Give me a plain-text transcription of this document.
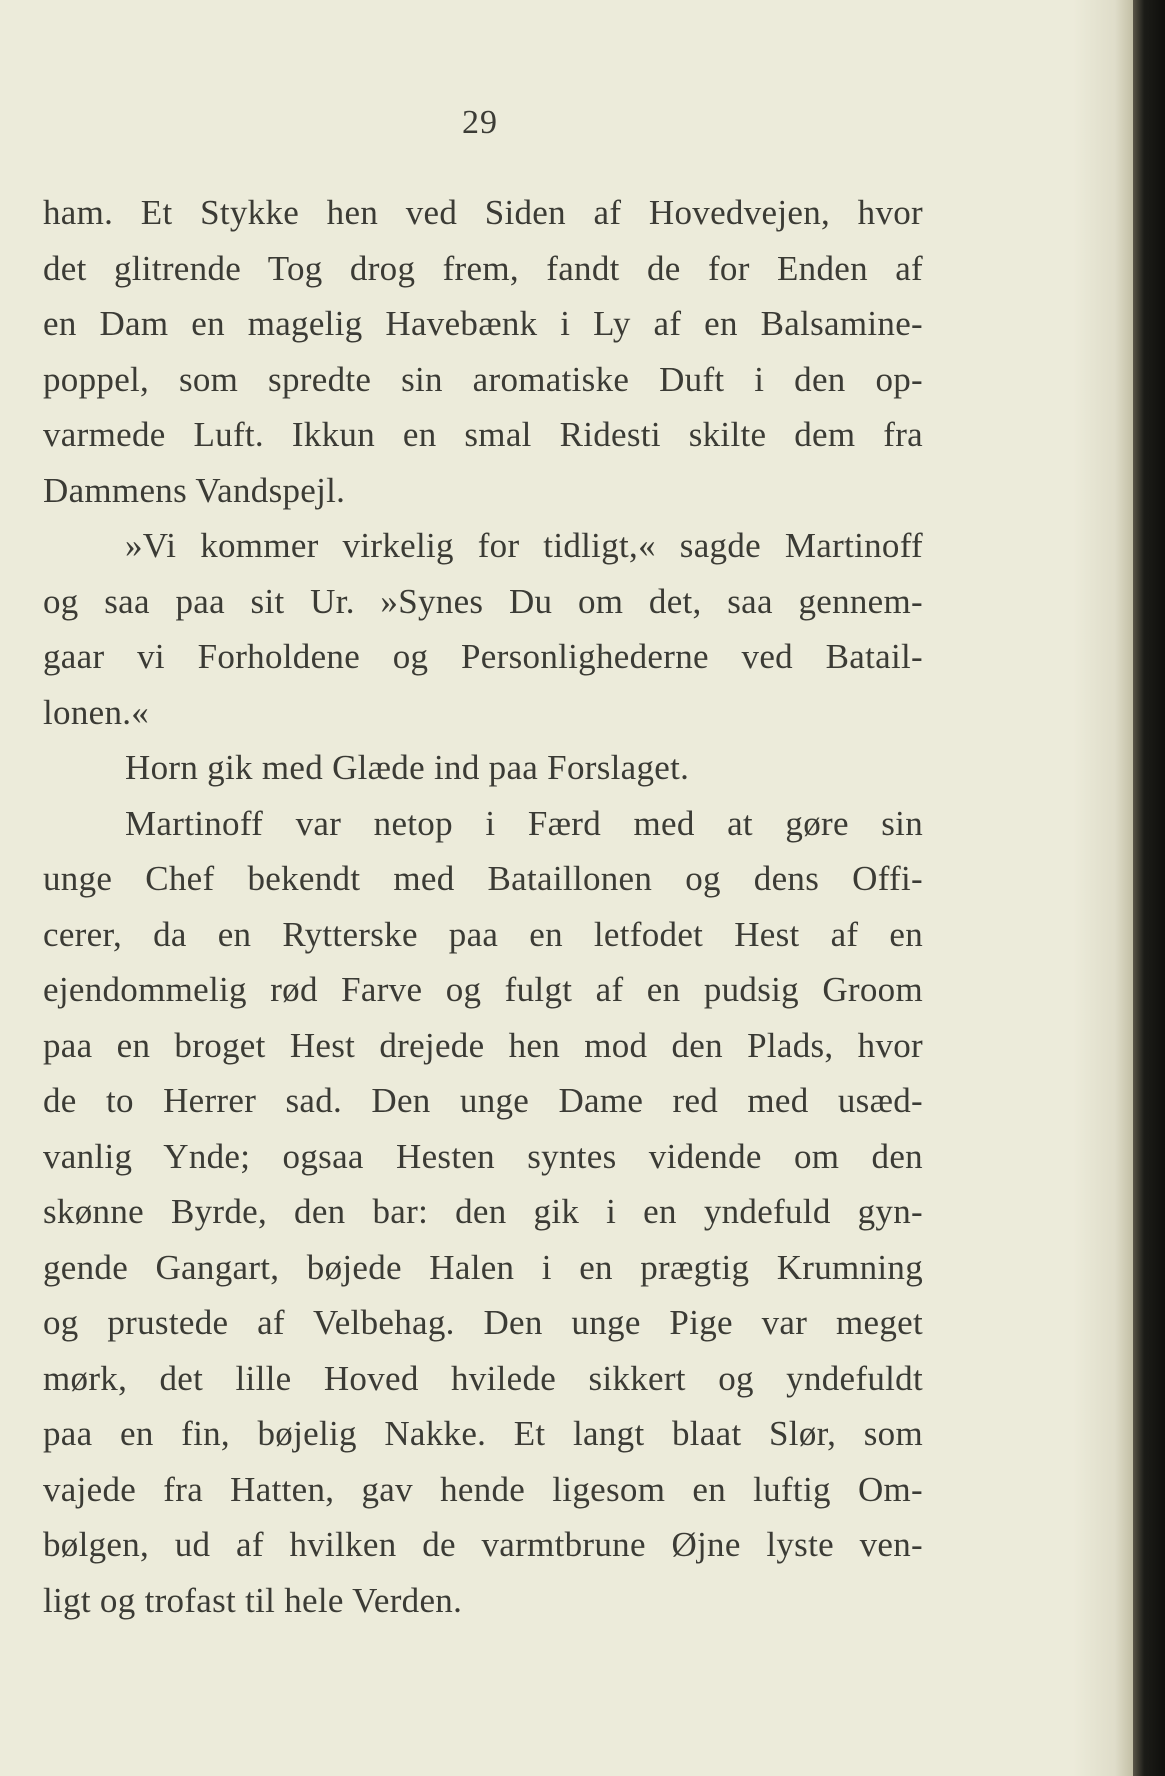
29
ham. Et Stykke hen ved Siden af Hovedvejen, hvor
det glitrende Tog drog frem, fandt de for Enden af
en Dam en magelig Havebænk i Ly af en Balsamine-
poppel, som spredte sin aromatiske Duft i den op-
varmede Luft. Ikkun en smal Ridesti skilte dem fra
Dammens Vandspejl.
»Vi kommer virkelig for tidligt,« sagde Martinoff
og saa paa sit Ur. »Synes Du om det, saa gennem-
gaar vi Forholdene og Personlighederne ved Batail-
lonen.«
Horn gik med Glæde ind paa Forslaget.
Martinoff var netop i Færd med at gøre sin
unge Chef bekendt med Bataillonen og dens Offi-
cerer, da en Rytterske paa en letfodet Hest af en
ejendommelig rød Farve og fulgt af en pudsig Groom
paa en broget Hest drejede hen mod den Plads, hvor
de to Herrer sad. Den unge Dame red med usæd-
vanlig Ynde; ogsaa Hesten syntes vidende om den
skønne Byrde, den bar: den gik i en yndefuld gyn-
gende Gangart, bøjede Halen i en prægtig Krumning
og prustede af Velbehag. Den unge Pige var meget
mørk, det lille Hoved hvilede sikkert og yndefuldt
paa en fin, bøjelig Nakke. Et langt blaat Slør, som
vajede fra Hatten, gav hende ligesom en luftig Om-
bølgen, ud af hvilken de varmtbrune Øjne lyste ven-
ligt og trofast til hele Verden.
